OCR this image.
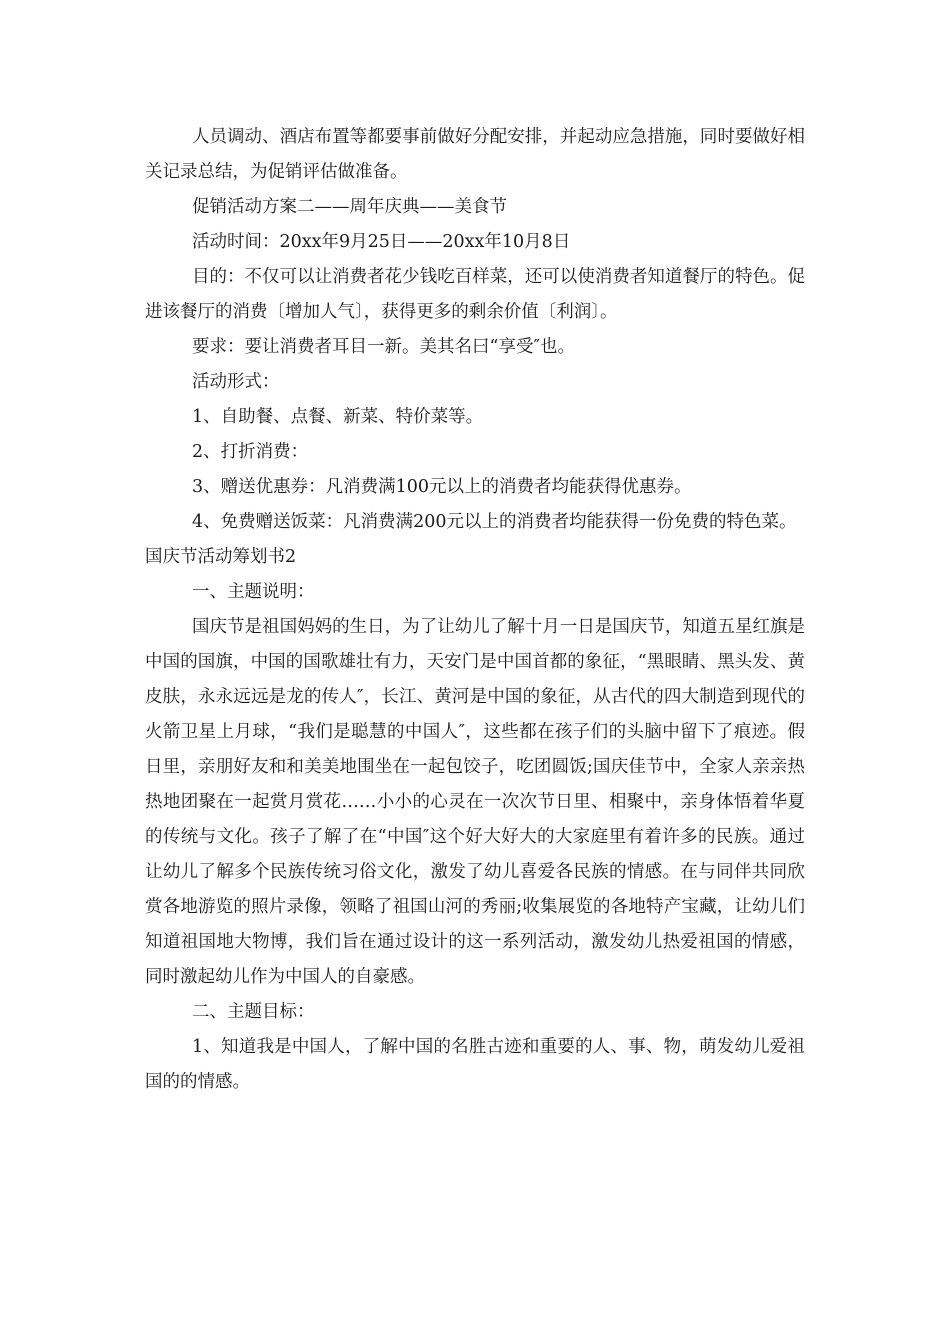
人员调动、酒店布置等都要事前做好分配安排，并起动应急措施，同时要做好相关记录总结，为促销评估做准备。

促销活动方案二——周年庆典——美食节

活动时间：20xx年9月25日——20xx年10月8日

目的：不仅可以让消费者花少钱吃百样菜，还可以使消费者知道餐厅的特色。促进该餐厅的消费〔增加人气〕，获得更多的剩余价值〔利润〕。

要求：要让消费者耳目一新。美其名曰“享受″也。

活动形式：

1、自助餐、点餐、新菜、特价菜等。

2、打折消费：

3、赠送优惠券：凡消费满100元以上的消费者均能获得优惠券。

4、免费赠送饭菜：凡消费满200元以上的消费者均能获得一份免费的特色菜。

国庆节活动筹划书2

一、主题说明：

国庆节是祖国妈妈的生日，为了让幼儿了解十月一日是国庆节，知道五星红旗是中国的国旗，中国的国歌雄壮有力，天安门是中国首都的象征，“黑眼睛、黑头发、黄皮肤，永永远远是龙的传人″，长江、黄河是中国的象征，从古代的四大制造到现代的火箭卫星上月球，“我们是聪慧的中国人″，这些都在孩子们的头脑中留下了痕迹。假日里，亲朋好友和和美美地围坐在一起包饺子，吃团圆饭;国庆佳节中，全家人亲亲热热地团聚在一起赏月赏花……小小的心灵在一次次节日里、相聚中，亲身体悟着华夏的传统与文化。孩子了解了在“中国″这个好大好大的大家庭里有着许多的民族。通过让幼儿了解多个民族传统习俗文化，激发了幼儿喜爱各民族的情感。在与同伴共同欣赏各地游览的照片录像，领略了祖国山河的秀丽;收集展览的各地特产宝藏，让幼儿们知道祖国地大物博，我们旨在通过设计的这一系列活动，激发幼儿热爱祖国的情感，同时激起幼儿作为中国人的自豪感。

二、主题目标：

1、知道我是中国人，了解中国的名胜古迹和重要的人、事、物，萌发幼儿爱祖国的的情感。
